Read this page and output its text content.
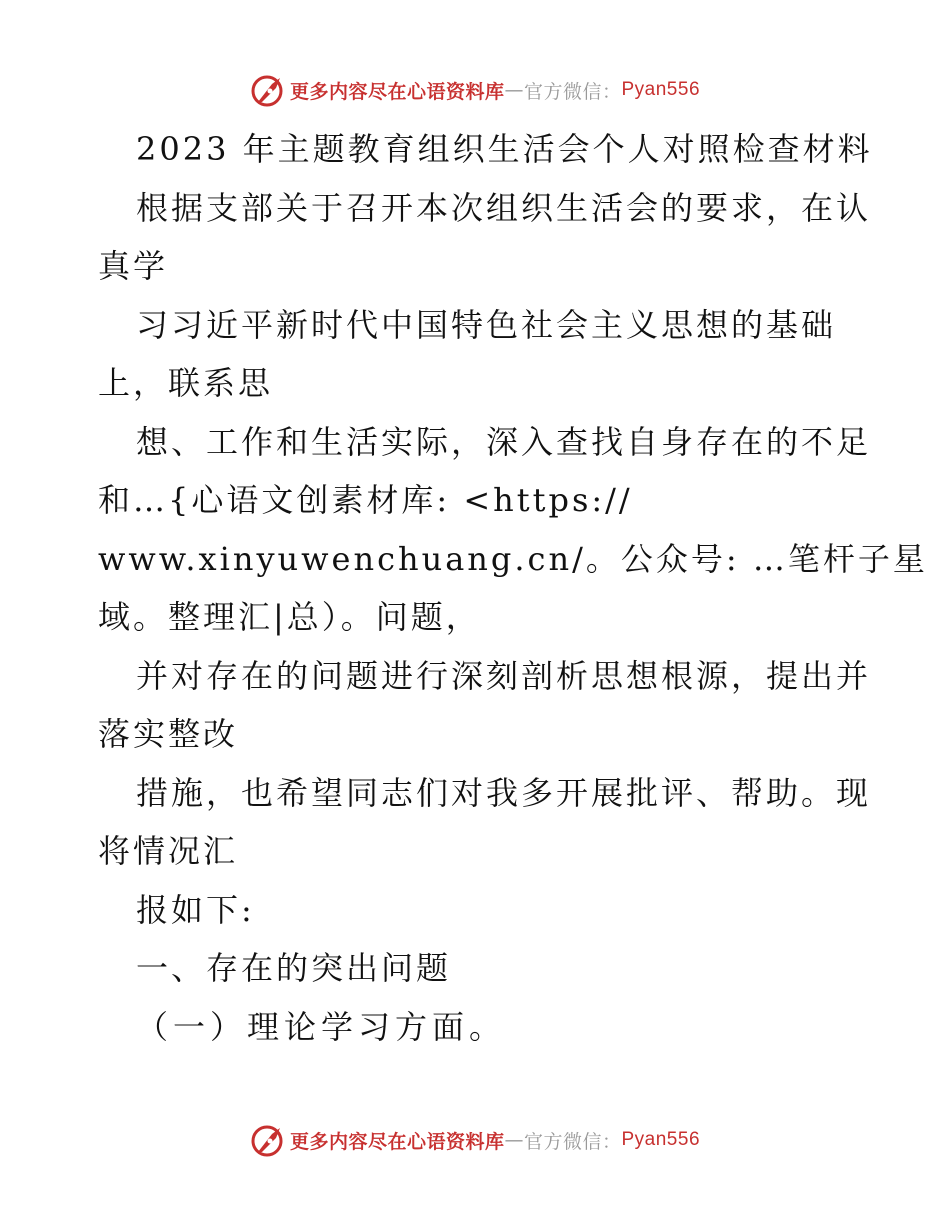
更多内容尽在心语资料库 — 官方微信： Pyan556
2023 年主题教育组织生活会个人对照检查材料
根据支部关于召开本次组织生活会的要求，在认
真学
习习近平新时代中国特色社会主义思想的基础
上，联系思
想、工作和生活实际，深入查找自身存在的不足
和…{心语文创素材库: <https://
www.xinyuwenchuang.cn/。公众号: …笔杆子星
域。整理汇|总）。问题，
并对存在的问题进行深刻剖析思想根源，提出并
落实整改
措施，也希望同志们对我多开展批评、帮助。现
将情况汇
报如下:
一、存在的突出问题
（一）理论学习方面。
更多内容尽在心语资料库 — 官方微信： Pyan556
